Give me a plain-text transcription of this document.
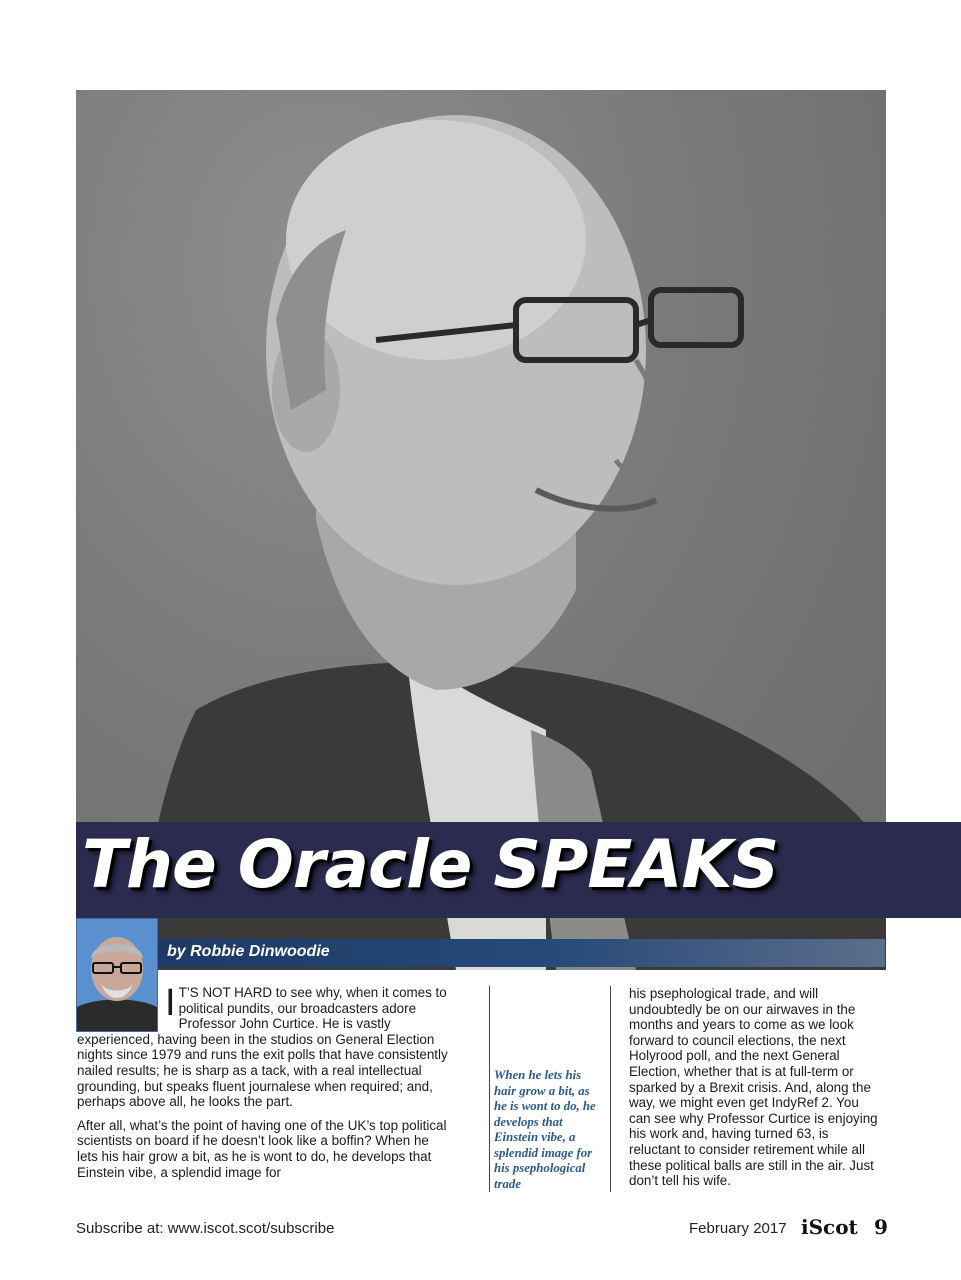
The Oracle SPEAKS
by Robbie Dinwoodie

I T’S NOT HARD to see why, when it comes to political pundits, our broadcasters adore Professor John Curtice. He is vastly experienced, having been in the studios on General Election nights since 1979 and runs the exit polls that have consistently nailed results; he is sharp as a tack, with a real intellectual grounding, but speaks fluent journalese when required; and, perhaps above all, he looks the part.

After all, what’s the point of having one of the UK’s top political scientists on board if he doesn’t look like a boffin? When he lets his hair grow a bit, as he is wont to do, he develops that Einstein vibe, a splendid image for

When he lets his hair grow a bit, as he is wont to do, he develops that Einstein vibe, a splendid image for his psephological trade

his psephological trade, and will undoubtedly be on our airwaves in the months and years to come as we look forward to council elections, the next Holyrood poll, and the next General Election, whether that is at full-term or sparked by a Brexit crisis. And, along the way, we might even get IndyRef 2. You can see why Professor Curtice is enjoying his work and, having turned 63, is reluctant to consider retirement while all these political balls are still in the air. Just don’t tell his wife.

Subscribe at: www.iscot.scot/subscribe	February 2017 iScot 9
